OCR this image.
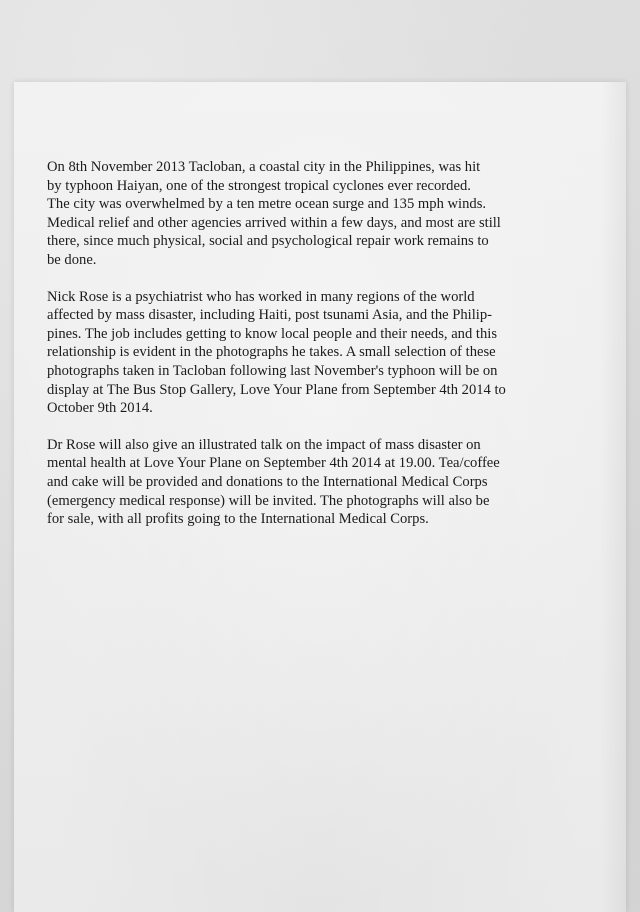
On 8th November 2013 Tacloban, a coastal city in the Philippines, was hit
by typhoon Haiyan, one of the strongest tropical cyclones ever recorded.
The city was overwhelmed by a ten metre ocean surge and 135 mph winds.
Medical relief and other agencies arrived within a few days, and most are still
there, since much physical, social and psychological repair work remains to
be done.

Nick Rose is a psychiatrist who has worked in many regions of the world
affected by mass disaster, including Haiti, post tsunami Asia, and the Philip-
pines. The job includes getting to know local people and their needs, and this
relationship is evident in the photographs he takes. A small selection of these
photographs taken in Tacloban following last November's typhoon will be on
display at The Bus Stop Gallery, Love Your Plane from September 4th 2014 to
October 9th 2014.

Dr Rose will also give an illustrated talk on the impact of mass disaster on
mental health at Love Your Plane on September 4th 2014 at 19.00. Tea/coffee
and cake will be provided and donations to the International Medical Corps
(emergency medical response) will be invited. The photographs will also be
for sale, with all profits going to the International Medical Corps.
